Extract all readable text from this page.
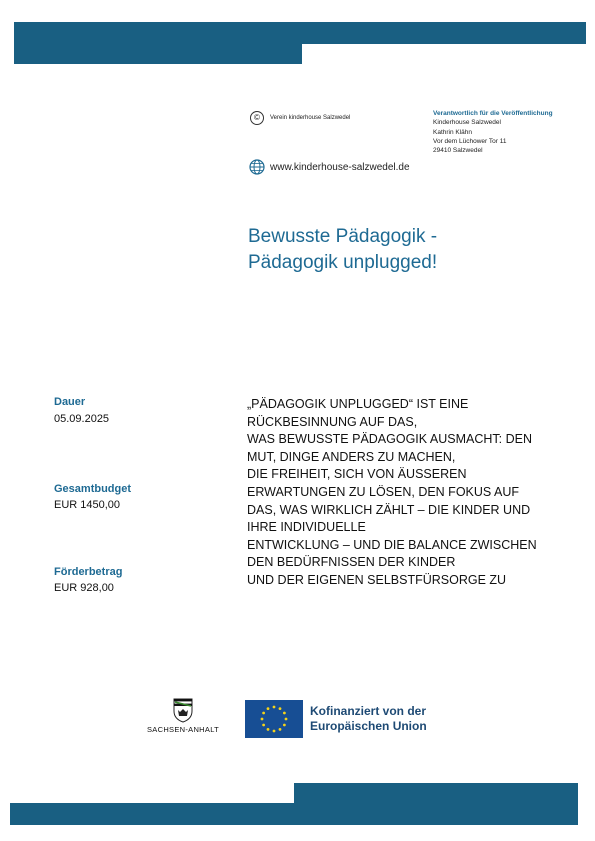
©	Verein kinderhouse Salzwedel
Verantwortlich für die Veröffentlichung
Kinderhouse Salzwedel
Kathrin Klähn
Vor dem Lüchower Tor 11
29410 Salzwedel
www.kinderhouse-salzwedel.de
Bewusste Pädagogik -
Pädagogik unplugged!
Dauer
05.09.2025
Gesamtbudget
EUR 1450,00
Förderbetrag
EUR 928,00
„PÄDAGOGIK UNPLUGGED“ IST EINE
RÜCKBESINNUNG AUF DAS,
WAS BEWUSSTE PÄDAGOGIK AUSMACHT: DEN
MUT, DINGE ANDERS ZU MACHEN,
DIE FREIHEIT, SICH VON ÄUSSEREN
ERWARTUNGEN ZU LÖSEN, DEN FOKUS AUF
DAS, WAS WIRKLICH ZÄHLT – DIE KINDER UND
IHRE INDIVIDUELLE
ENTWICKLUNG – UND DIE BALANCE ZWISCHEN
DEN BEDÜRFNISSEN DER KINDER
UND DER EIGENEN SELBSTFÜRSORGE ZU
SACHSEN-ANHALT
Kofinanziert von der
Europäischen Union
